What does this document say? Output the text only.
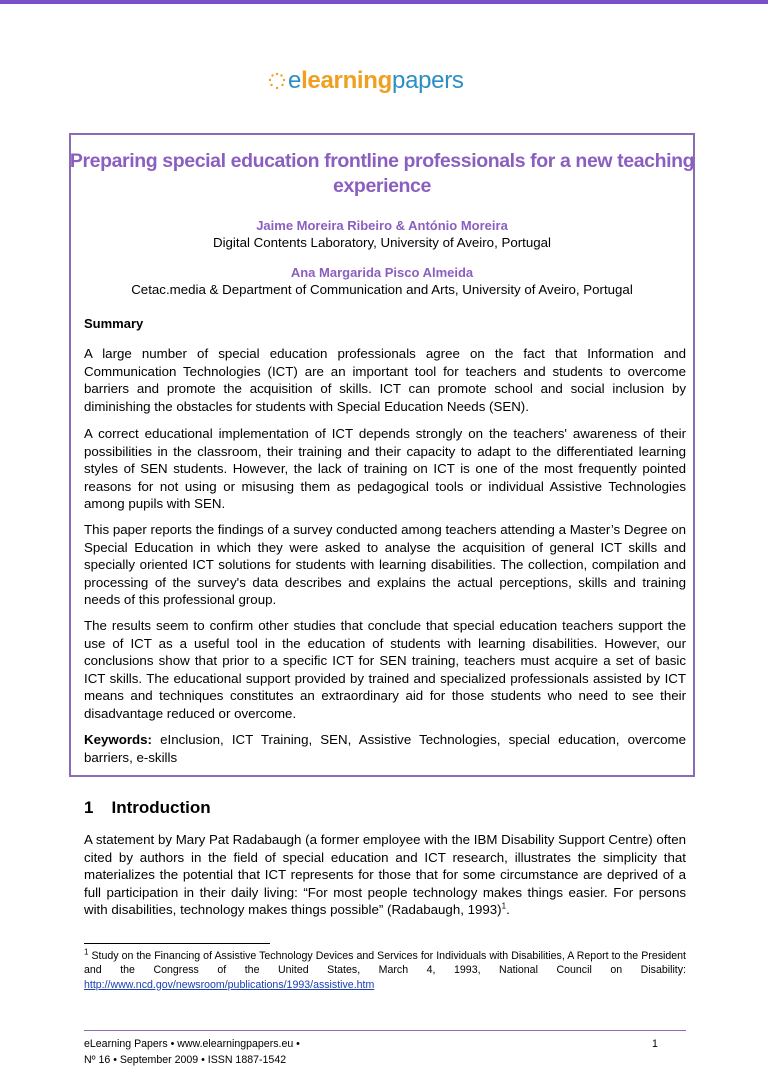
elearningpapers
Preparing special education frontline professionals for a new teaching experience

Jaime Moreira Ribeiro & António Moreira

Digital Contents Laboratory, University of Aveiro, Portugal

Ana Margarida Pisco Almeida

Cetac.media & Department of Communication and Arts, University of Aveiro, Portugal

Summary

A large number of special education professionals agree on the fact that Information and Communication Technologies (ICT) are an important tool for teachers and students to overcome barriers and promote the acquisition of skills. ICT can promote school and social inclusion by diminishing the obstacles for students with Special Education Needs (SEN).

A correct educational implementation of ICT depends strongly on the teachers' awareness of their possibilities in the classroom, their training and their capacity to adapt to the differentiated learning styles of SEN students. However, the lack of training on ICT is one of the most frequently pointed reasons for not using or misusing them as pedagogical tools or individual Assistive Technologies among pupils with SEN.

This paper reports the findings of a survey conducted among teachers attending a Master’s Degree on Special Education in which they were asked to analyse the acquisition of general ICT skills and specially oriented ICT solutions for students with learning disabilities. The collection, compilation and processing of the survey's data describes and explains the actual perceptions, skills and training needs of this professional group.

The results seem to confirm other studies that conclude that special education teachers support the use of ICT as a useful tool in the education of students with learning disabilities. However, our conclusions show that prior to a specific ICT for SEN training, teachers must acquire a set of basic ICT skills. The educational support provided by trained and specialized professionals assisted by ICT means and techniques constitutes an extraordinary aid for those students who need to see their disadvantage reduced or overcome.

Keywords: eInclusion, ICT Training, SEN, Assistive Technologies, special education, overcome barriers, e-skills

1 Introduction

A statement by Mary Pat Radabaugh (a former employee with the IBM Disability Support Centre) often cited by authors in the field of special education and ICT research, illustrates the simplicity that materializes the potential that ICT represents for those that for some circumstance are deprived of a full participation in their daily living: “For most people technology makes things easier. For persons with disabilities, technology makes things possible” (Radabaugh, 1993)$^1$.

$^1$ Study on the Financing of Assistive Technology Devices and Services for Individuals with Disabilities, A Report to the President and the Congress of the United States, March 4, 1993, National Council on Disability: http://www.ncd.gov/newsroom/publications/1993/assistive.htm

eLearning Papers • www.elearningpapers.eu •

Nº 16 • September 2009 • ISSN 1887-1542

1
